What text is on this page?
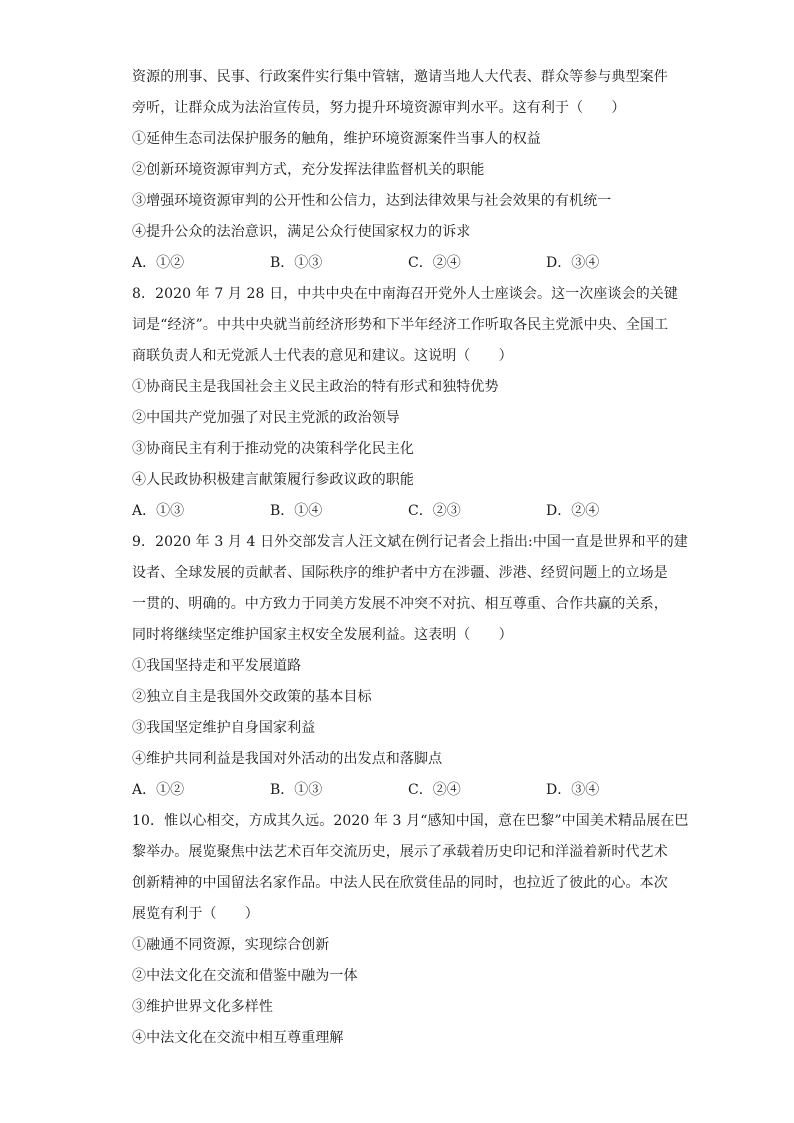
资源的刑事、民事、行政案件实行集中管辖，邀请当地人大代表、群众等参与典型案件
旁听，让群众成为法治宣传员，努力提升环境资源审判水平。这有利于（　　）
①延伸生态司法保护服务的触角，维护环境资源案件当事人的权益
②创新环境资源审判方式，充分发挥法律监督机关的职能
③增强环境资源审判的公开性和公信力，达到法律效果与社会效果的有机统一
④提升公众的法治意识，满足公众行使国家权力的诉求
A．①②	B．①③	C．②④	D．③④
8．2020 年 7 月 28 日，中共中央在中南海召开党外人士座谈会。这一次座谈会的关键
词是“经济”。中共中央就当前经济形势和下半年经济工作听取各民主党派中央、全国工
商联负责人和无党派人士代表的意见和建议。这说明（　　）
①协商民主是我国社会主义民主政治的特有形式和独特优势
②中国共产党加强了对民主党派的政治领导
③协商民主有利于推动党的决策科学化民主化
④人民政协积极建言献策履行参政议政的职能
A．①③	B．①④	C．②③	D．②④
9．2020 年 3 月 4 日外交部发言人汪文斌在例行记者会上指出:中国一直是世界和平的建
设者、全球发展的贡献者、国际秩序的维护者中方在涉疆、涉港、经贸问题上的立场是
一贯的、明确的。中方致力于同美方发展不冲突不对抗、相互尊重、合作共赢的关系，
同时将继续坚定维护国家主权安全发展利益。这表明（　　）
①我国坚持走和平发展道路
②独立自主是我国外交政策的基本目标
③我国坚定维护自身国家利益
④维护共同利益是我国对外活动的出发点和落脚点
A．①②	B．①③	C．②④	D．③④
10．惟以心相交，方成其久远。2020 年 3 月“感知中国，意在巴黎”中国美术精品展在巴
黎举办。展览聚焦中法艺术百年交流历史，展示了承载着历史印记和洋溢着新时代艺术
创新精神的中国留法名家作品。中法人民在欣赏佳品的同时，也拉近了彼此的心。本次
展览有利于（　　）
①融通不同资源，实现综合创新
②中法文化在交流和借鉴中融为一体
③维护世界文化多样性
④中法文化在交流中相互尊重理解
